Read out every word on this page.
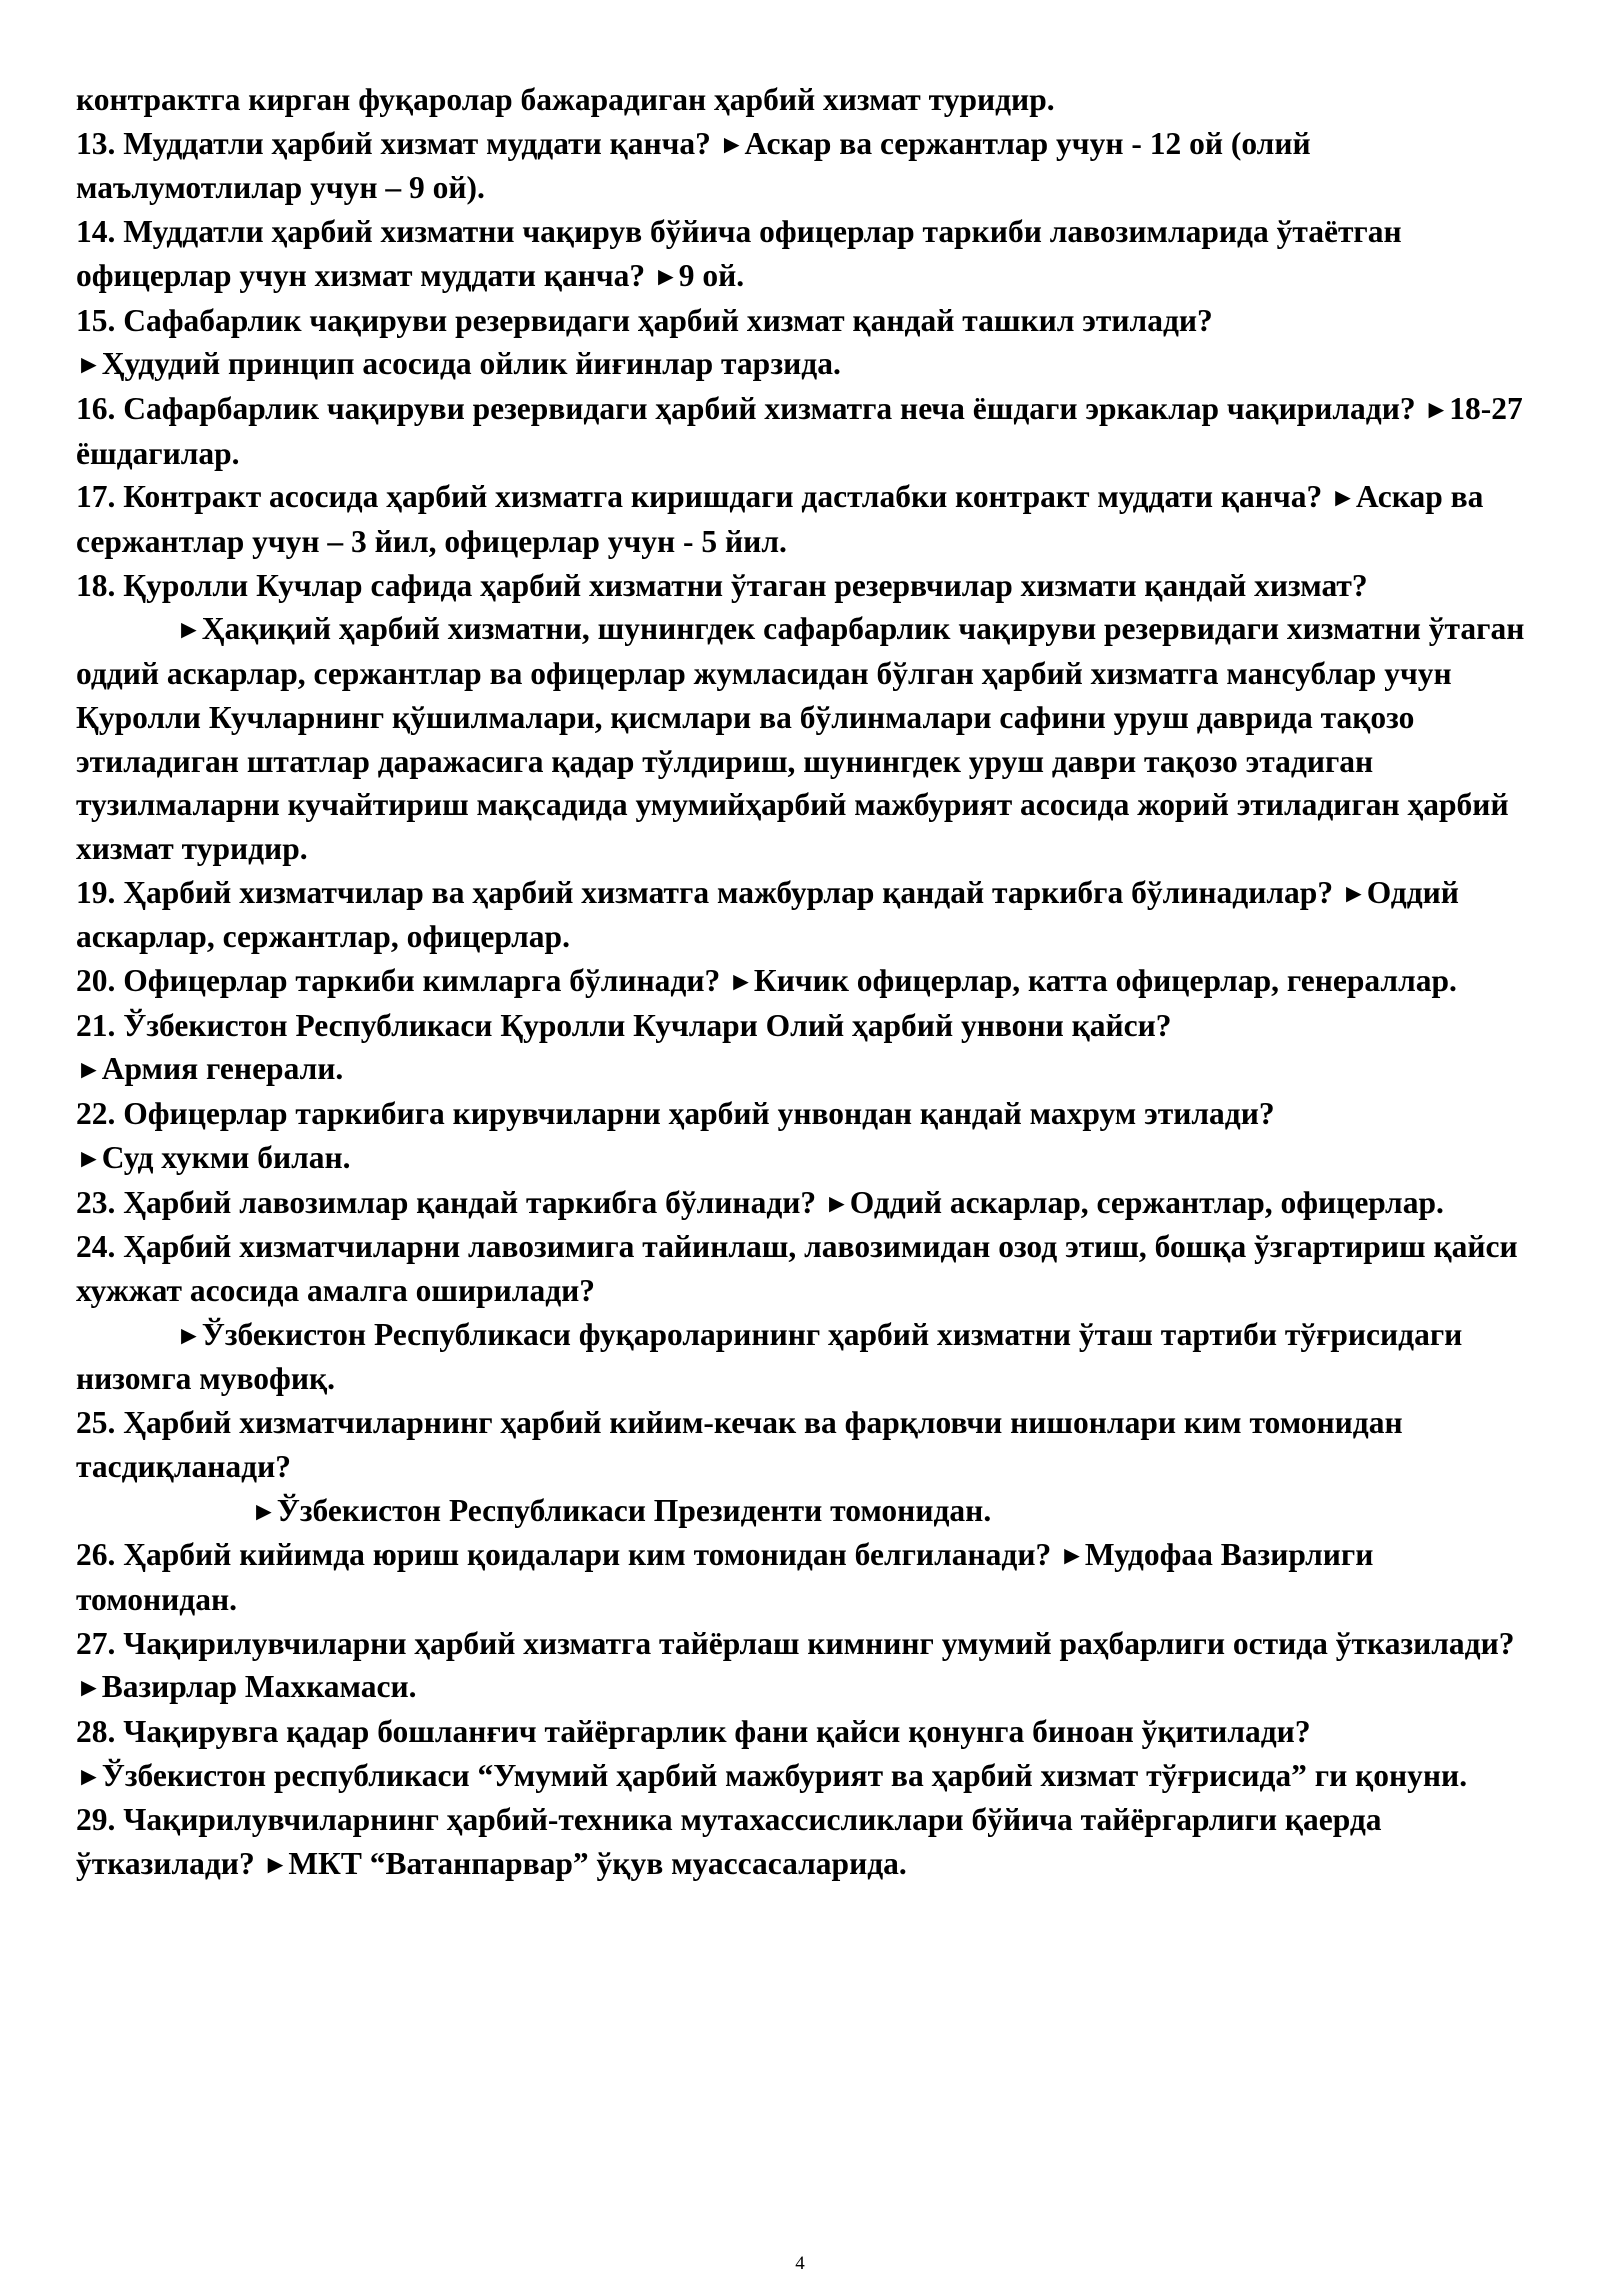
контрактга кирган фуқаролар бажарадиган ҳарбий хизмат туридир.

13. Муддатли ҳарбий хизмат муддати қанча? ►Аскар ва сержантлар учун - 12 ой (олий маълумотлилар учун – 9 ой).

14. Муддатли ҳарбий хизматни чақирув бўйича офицерлар таркиби лавозимларида ўтаётган офицерлар учун хизмат муддати қанча? ►9 ой.

15. Сафабарлик чақируви резервидаги ҳарбий хизмат қандай ташкил этилади?
►Ҳудудий принцип асосида ойлик йиғинлар тарзида.

16. Сафарбарлик чақируви резервидаги ҳарбий хизматга неча ёшдаги эркаклар чақирилади? ►18-27 ёшдагилар.

17. Контракт асосида ҳарбий хизматга киришдаги дастлабки контракт муддати қанча? ►Аскар ва сержантлар учун – 3 йил, офицерлар учун - 5 йил.

18. Қуролли Кучлар сафида ҳарбий хизматни ўтаган резервчилар хизмати қандай хизмат?

►Ҳақиқий ҳарбий хизматни, шунингдек сафарбарлик чақируви резервидаги хизматни ўтаган оддий аскарлар, сержантлар ва офицерлар жумласидан бўлган ҳарбий хизматга мансублар учун Қуролли Кучларнинг қўшилмалари, қисмлари ва бўлинмалари сафини уруш даврида тақозо этиладиган штатлар даражасига қадар тўлдириш, шунингдек уруш даври тақозо этадиган тузилмаларни кучайтириш мақсадида умумийҳарбий мажбурият асосида жорий этиладиган ҳарбий хизмат туридир.

19. Ҳарбий хизматчилар ва ҳарбий хизматга мажбурлар қандай таркибга бўлинадилар? ►Оддий аскарлар, сержантлар, офицерлар.

20. Офицерлар таркиби кимларга бўлинади? ►Кичик офицерлар, катта офицерлар, генераллар.

21. Ўзбекистон Республикаси Қуролли Кучлари Олий ҳарбий унвони қайси?
►Армия генерали.

22. Офицерлар таркибига кирувчиларни ҳарбий унвондан қандай махрум этилади?
►Суд хукми билан.

23. Ҳарбий лавозимлар қандай таркибга бўлинади? ►Оддий аскарлар, сержантлар, офицерлар.

24. Ҳарбий хизматчиларни лавозимига тайинлаш, лавозимидан озод этиш, бошқа ўзгартириш қайси хужжат асосида амалга оширилади?

►Ўзбекистон Республикаси фуқароларининг ҳарбий хизматни ўташ тартиби тўғрисидаги низомга мувофиқ.

25. Ҳарбий хизматчиларнинг ҳарбий кийим-кечак ва фарқловчи нишонлари ким томонидан тасдиқланади?

►Ўзбекистон Республикаси Президенти томонидан.

26. Ҳарбий кийимда юриш қоидалари ким томонидан белгиланади? ►Мудофаа Вазирлиги томонидан.

27. Чақирилувчиларни ҳарбий хизматга тайёрлаш кимнинг умумий раҳбарлиги остида ўтказилади? ►Вазирлар Махкамаси.

28. Чақирувга қадар бошланғич тайёргарлик фани қайси қонунга биноан ўқитилади?
►Ўзбекистон республикаси “Умумий ҳарбий мажбурият ва ҳарбий хизмат тўғрисида” ги қонуни.

29. Чақирилувчиларнинг ҳарбий-техника мутахассисликлари бўйича тайёргарлиги қаерда ўтказилади? ►МКТ “Ватанпарвар” ўқув муассасаларида.

4
